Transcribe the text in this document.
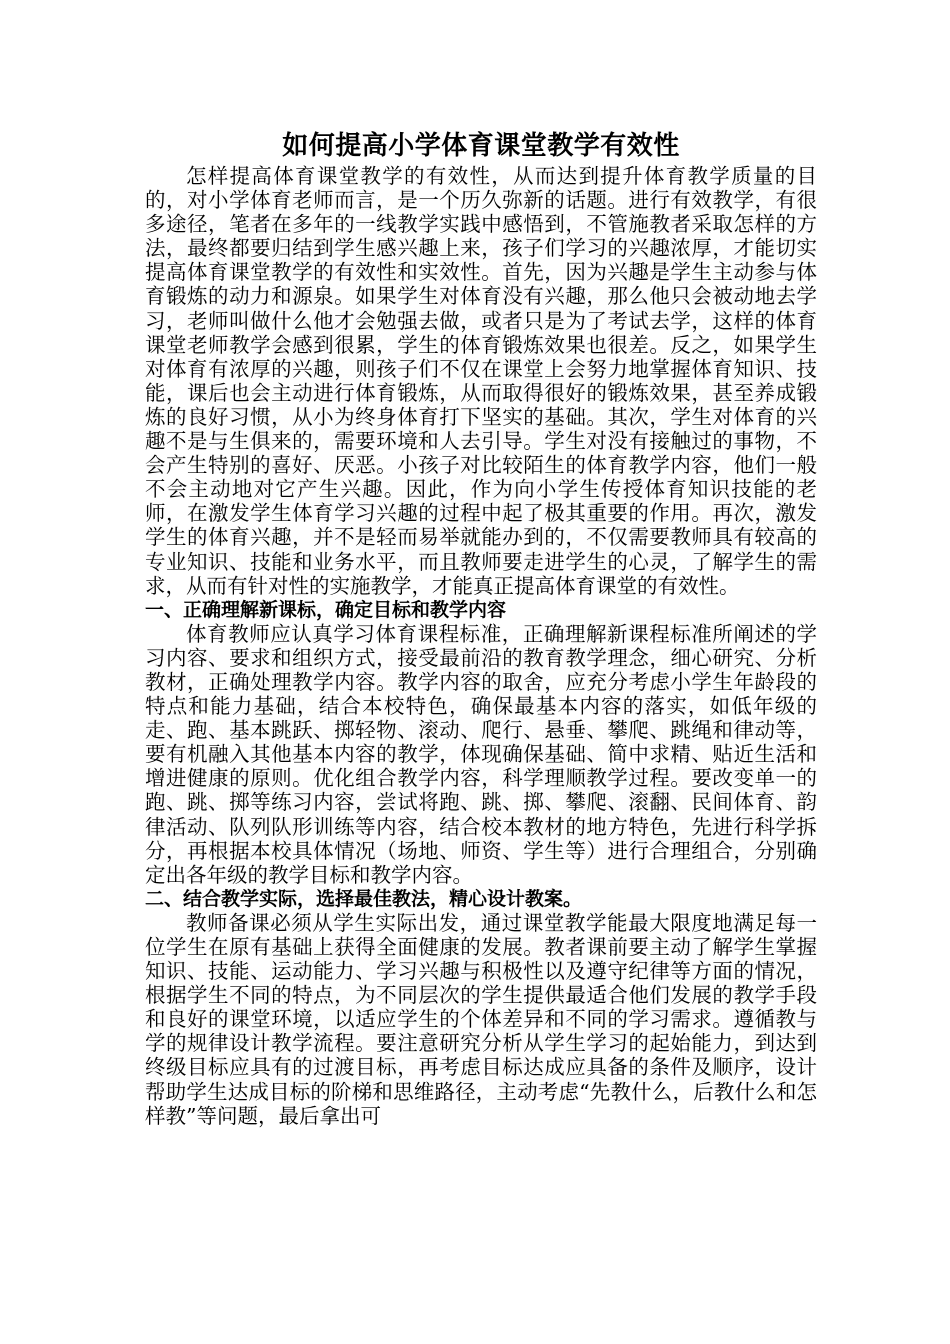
如何提高小学体育课堂教学有效性

怎样提高体育课堂教学的有效性，从而达到提升体育教学质量的目的，对小学体育老师而言，是一个历久弥新的话题。进行有效教学，有很多途径，笔者在多年的一线教学实践中感悟到，不管施教者采取怎样的方法，最终都要归结到学生感兴趣上来，孩子们学习的兴趣浓厚，才能切实提高体育课堂教学的有效性和实效性。首先，因为兴趣是学生主动参与体育锻炼的动力和源泉。如果学生对体育没有兴趣，那么他只会被动地去学习，老师叫做什么他才会勉强去做，或者只是为了考试去学，这样的体育课堂老师教学会感到很累，学生的体育锻炼效果也很差。反之，如果学生对体育有浓厚的兴趣，则孩子们不仅在课堂上会努力地掌握体育知识、技能，课后也会主动进行体育锻炼，从而取得很好的锻炼效果，甚至养成锻炼的良好习惯，从小为终身体育打下坚实的基础。其次，学生对体育的兴趣不是与生俱来的，需要环境和人去引导。学生对没有接触过的事物，不会产生特别的喜好、厌恶。小孩子对比较陌生的体育教学内容，他们一般不会主动地对它产生兴趣。因此，作为向小学生传授体育知识技能的老师，在激发学生体育学习兴趣的过程中起了极其重要的作用。再次，激发学生的体育兴趣，并不是轻而易举就能办到的，不仅需要教师具有较高的专业知识、技能和业务水平，而且教师要走进学生的心灵，了解学生的需求，从而有针对性的实施教学，才能真正提高体育课堂的有效性。

一、正确理解新课标，确定目标和教学内容

体育教师应认真学习体育课程标准，正确理解新课程标准所阐述的学习内容、要求和组织方式，接受最前沿的教育教学理念，细心研究、分析教材，正确处理教学内容。教学内容的取舍，应充分考虑小学生年龄段的特点和能力基础，结合本校特色，确保最基本内容的落实，如低年级的走、跑、基本跳跃、掷轻物、滚动、爬行、悬垂、攀爬、跳绳和律动等，要有机融入其他基本内容的教学，体现确保基础、简中求精、贴近生活和增进健康的原则。优化组合教学内容，科学理顺教学过程。要改变单一的跑、跳、掷等练习内容，尝试将跑、跳、掷、攀爬、滚翻、民间体育、韵律活动、队列队形训练等内容，结合校本教材的地方特色，先进行科学拆分，再根据本校具体情况（场地、师资、学生等）进行合理组合，分别确定出各年级的教学目标和教学内容。

二、结合教学实际，选择最佳教法，精心设计教案。

教师备课必须从学生实际出发，通过课堂教学能最大限度地满足每一位学生在原有基础上获得全面健康的发展。教者课前要主动了解学生掌握知识、技能、运动能力、学习兴趣与积极性以及遵守纪律等方面的情况，根据学生不同的特点，为不同层次的学生提供最适合他们发展的教学手段和良好的课堂环境，以适应学生的个体差异和不同的学习需求。遵循教与学的规律设计教学流程。要注意研究分析从学生学习的起始能力，到达到终级目标应具有的过渡目标，再考虑目标达成应具备的条件及顺序，设计帮助学生达成目标的阶梯和思维路径，主动考虑“先教什么，后教什么和怎样教”等问题，最后拿出可
